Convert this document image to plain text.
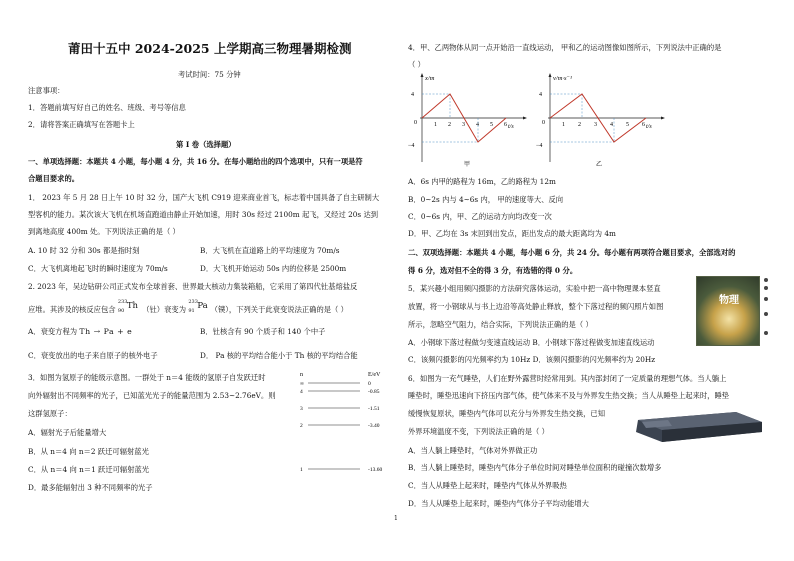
莆田十五中 2024-2025 上学期高三物理暑期检测
考试时间：75 分钟
注意事项：
1．答题前填写好自己的姓名、班级、考号等信息
2．请将答案正确填写在答题卡上
第 I 卷（选择题）
一、单项选择题：本题共 4 小题，每小题 4 分，共 16 分。在每小题给出的四个选项中，只有一项是符
合题目要求的。
1． 2023 年 5 月 28 日上午 10 时 32 分，国产大飞机 C919 迎来商业首飞，标志着中国具备了自主研制大
型客机的能力。某次该大飞机在机场直跑道由静止开始加速，用时 30s 经过 2100m 起飞，又经过 20s 达到
到离地高度 400m 处。下列说法正确的是（ ）
A. 10 时 32 分和 30s 都是指时刻	B．大飞机在直道路上的平均速度为 70m/s
C．大飞机离地起飞时的瞬时速度为 70m/s	D．大飞机开始运动 50s 内的位移是 2500m
2. 2023 年，吴边钻研公司正式发布全球首套、世界最大核动力集装箱船，它采用了第四代钍基熔盐反
应堆。其涉及的核反应包含
233
90 Th （钍）衰变为
233
91 Pa （镤），下列关于此衰变说法正确的是（ ）
A．衰变方程为 Th → Pa + e	B．钍核含有 90 个质子和 140 个中子
C．衰变放出的电子来自原子的核外电子	D． Pa 核的平均结合能小于 Th 核的平均结合能
3．如图为氢原子的能级示意图。一群处于 n＝4 能级的氢原子自发跃迁时
向外辐射出不同频率的光子，已知蓝光光子的能量范围为 2.53~2.76eV。则
这群氢原子：
A．辐射光子后能量增大
B．从 n＝4 向 n＝2 跃迁可辐射蓝光
C．从 n＝4 向 n＝1 跃迁可辐射蓝光
D．最多能辐射出 3 种不同频率的光子
n	E/eV
∞	0
4	-0.85
3	-1.51
2	-3.40
1	-13.60
4．甲、乙两物体从同一点开始沿一直线运动， 甲和乙的运动图像如图所示，下列说法中正确的是
（ ）
x/m
t/s
4
0
−4
1 2 3 4 5 6
甲
v/m·s⁻¹
t/s
4
0
−4
1 2 3 4 5 6
乙
A．6s 内甲的路程为 16m，乙的路程为 12m
B．0~2s 内与 4~6s 内， 甲的速度等大、反向
C．0~6s 内，甲、乙的运动方向均改变一次
D．甲、乙均在 3s 末回到出发点，距出发点的最大距离均为 4m
二、双项选择题：本题共 4 小题，每小题 6 分，共 24 分。每小题有两项符合题目要求，全部选对的
得 6 分，选对但不全的得 3 分，有选错的得 0 分。
5．某兴趣小组用频闪摄影的方法研究落体运动，实验中把一高中物理课本竖直
放置，将一小钢球从与书上边沿等高处静止释放，整个下落过程的频闪照片如图
所示，忽略空气阻力，结合实际，下列说法正确的是（ ）
A．小钢球下落过程做匀变速直线运动 B．小钢球下落过程做变加速直线运动
C．该频闪摄影的闪光频率约为 10Hz D．该频闪摄影的闪光频率约为 20Hz
物理
6．如图为一充气睡垫，人们在野外露营时经常用到。其内部封闭了一定质量的理想气体。当人躺上
睡垫时，睡垫迅速向下挤压内部气体，使气体来不及与外界发生热交换；当人从睡垫上起来时，睡垫
缓慢恢复原状，睡垫内气体可以充分与外界发生热交换，已知
外界环境温度不变，下列说法正确的是（ ）
A．当人躺上睡垫时，气体对外界做正功
B．当人躺上睡垫时，睡垫内气体分子单位时间对睡垫单位面积的碰撞次数增多
C．当人从睡垫上起来时，睡垫内气体从外界吸热
D．当人从睡垫上起来时，睡垫内气体分子平均动能增大
1
